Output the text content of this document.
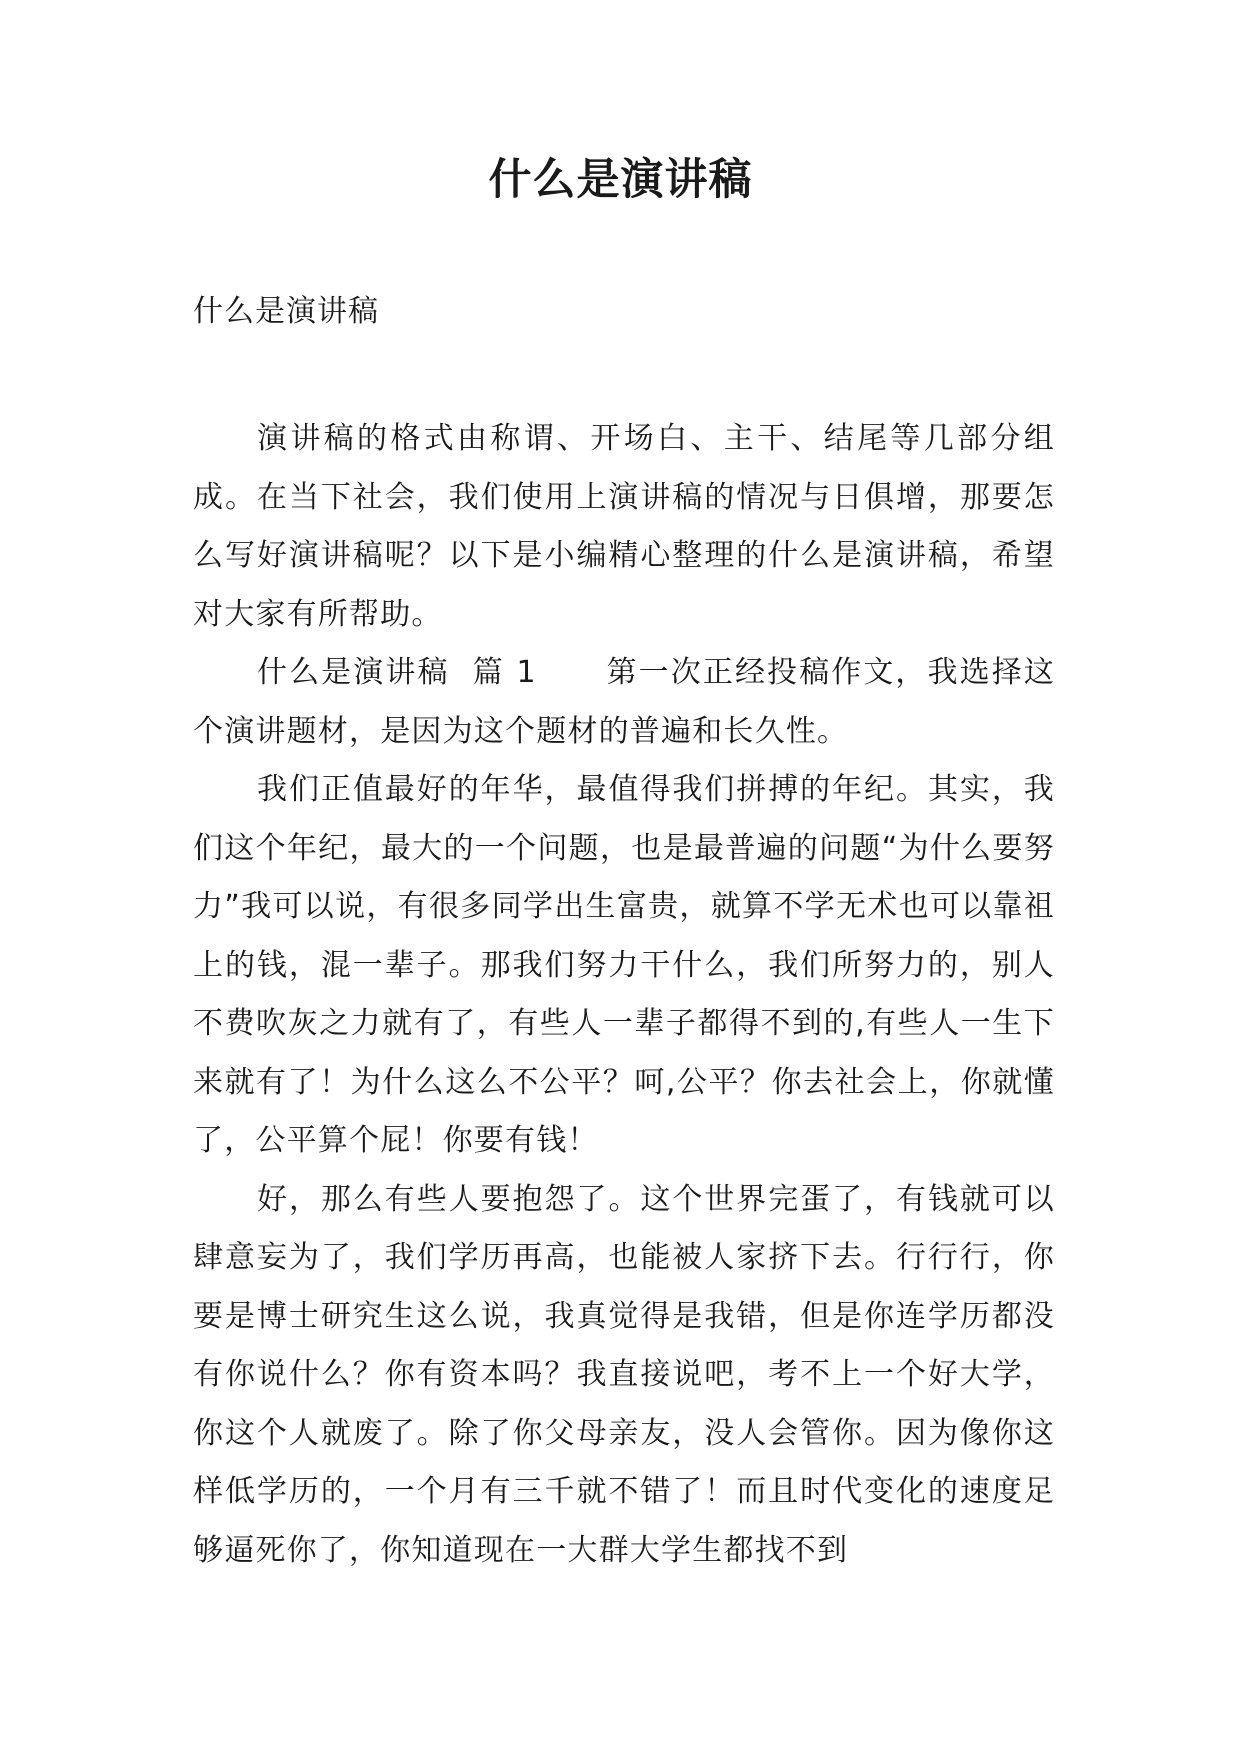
什么是演讲稿
什么是演讲稿

演讲稿的格式由称谓、开场白、主干、结尾等几部分组成。在当下社会，我们使用上演讲稿的情况与日俱增，那要怎么写好演讲稿呢？以下是小编精心整理的什么是演讲稿，希望对大家有所帮助。

什么是演讲稿  篇 1      第一次正经投稿作文，我选择这个演讲题材，是因为这个题材的普遍和长久性。

我们正值最好的年华，最值得我们拼搏的年纪。其实，我们这个年纪，最大的一个问题，也是最普遍的问题“为什么要努力”我可以说，有很多同学出生富贵，就算不学无术也可以靠祖上的钱，混一辈子。那我们努力干什么，我们所努力的，别人不费吹灰之力就有了，有些人一辈子都得不到的,有些人一生下来就有了！为什么这么不公平？呵,公平？你去社会上，你就懂了，公平算个屁！你要有钱！

好，那么有些人要抱怨了。这个世界完蛋了，有钱就可以肆意妄为了，我们学历再高，也能被人家挤下去。行行行，你要是博士研究生这么说，我真觉得是我错，但是你连学历都没有你说什么？你有资本吗？我直接说吧，考不上一个好大学，你这个人就废了。除了你父母亲友，没人会管你。因为像你这样低学历的，一个月有三千就不错了！而且时代变化的速度足够逼死你了，你知道现在一大群大学生都找不到
